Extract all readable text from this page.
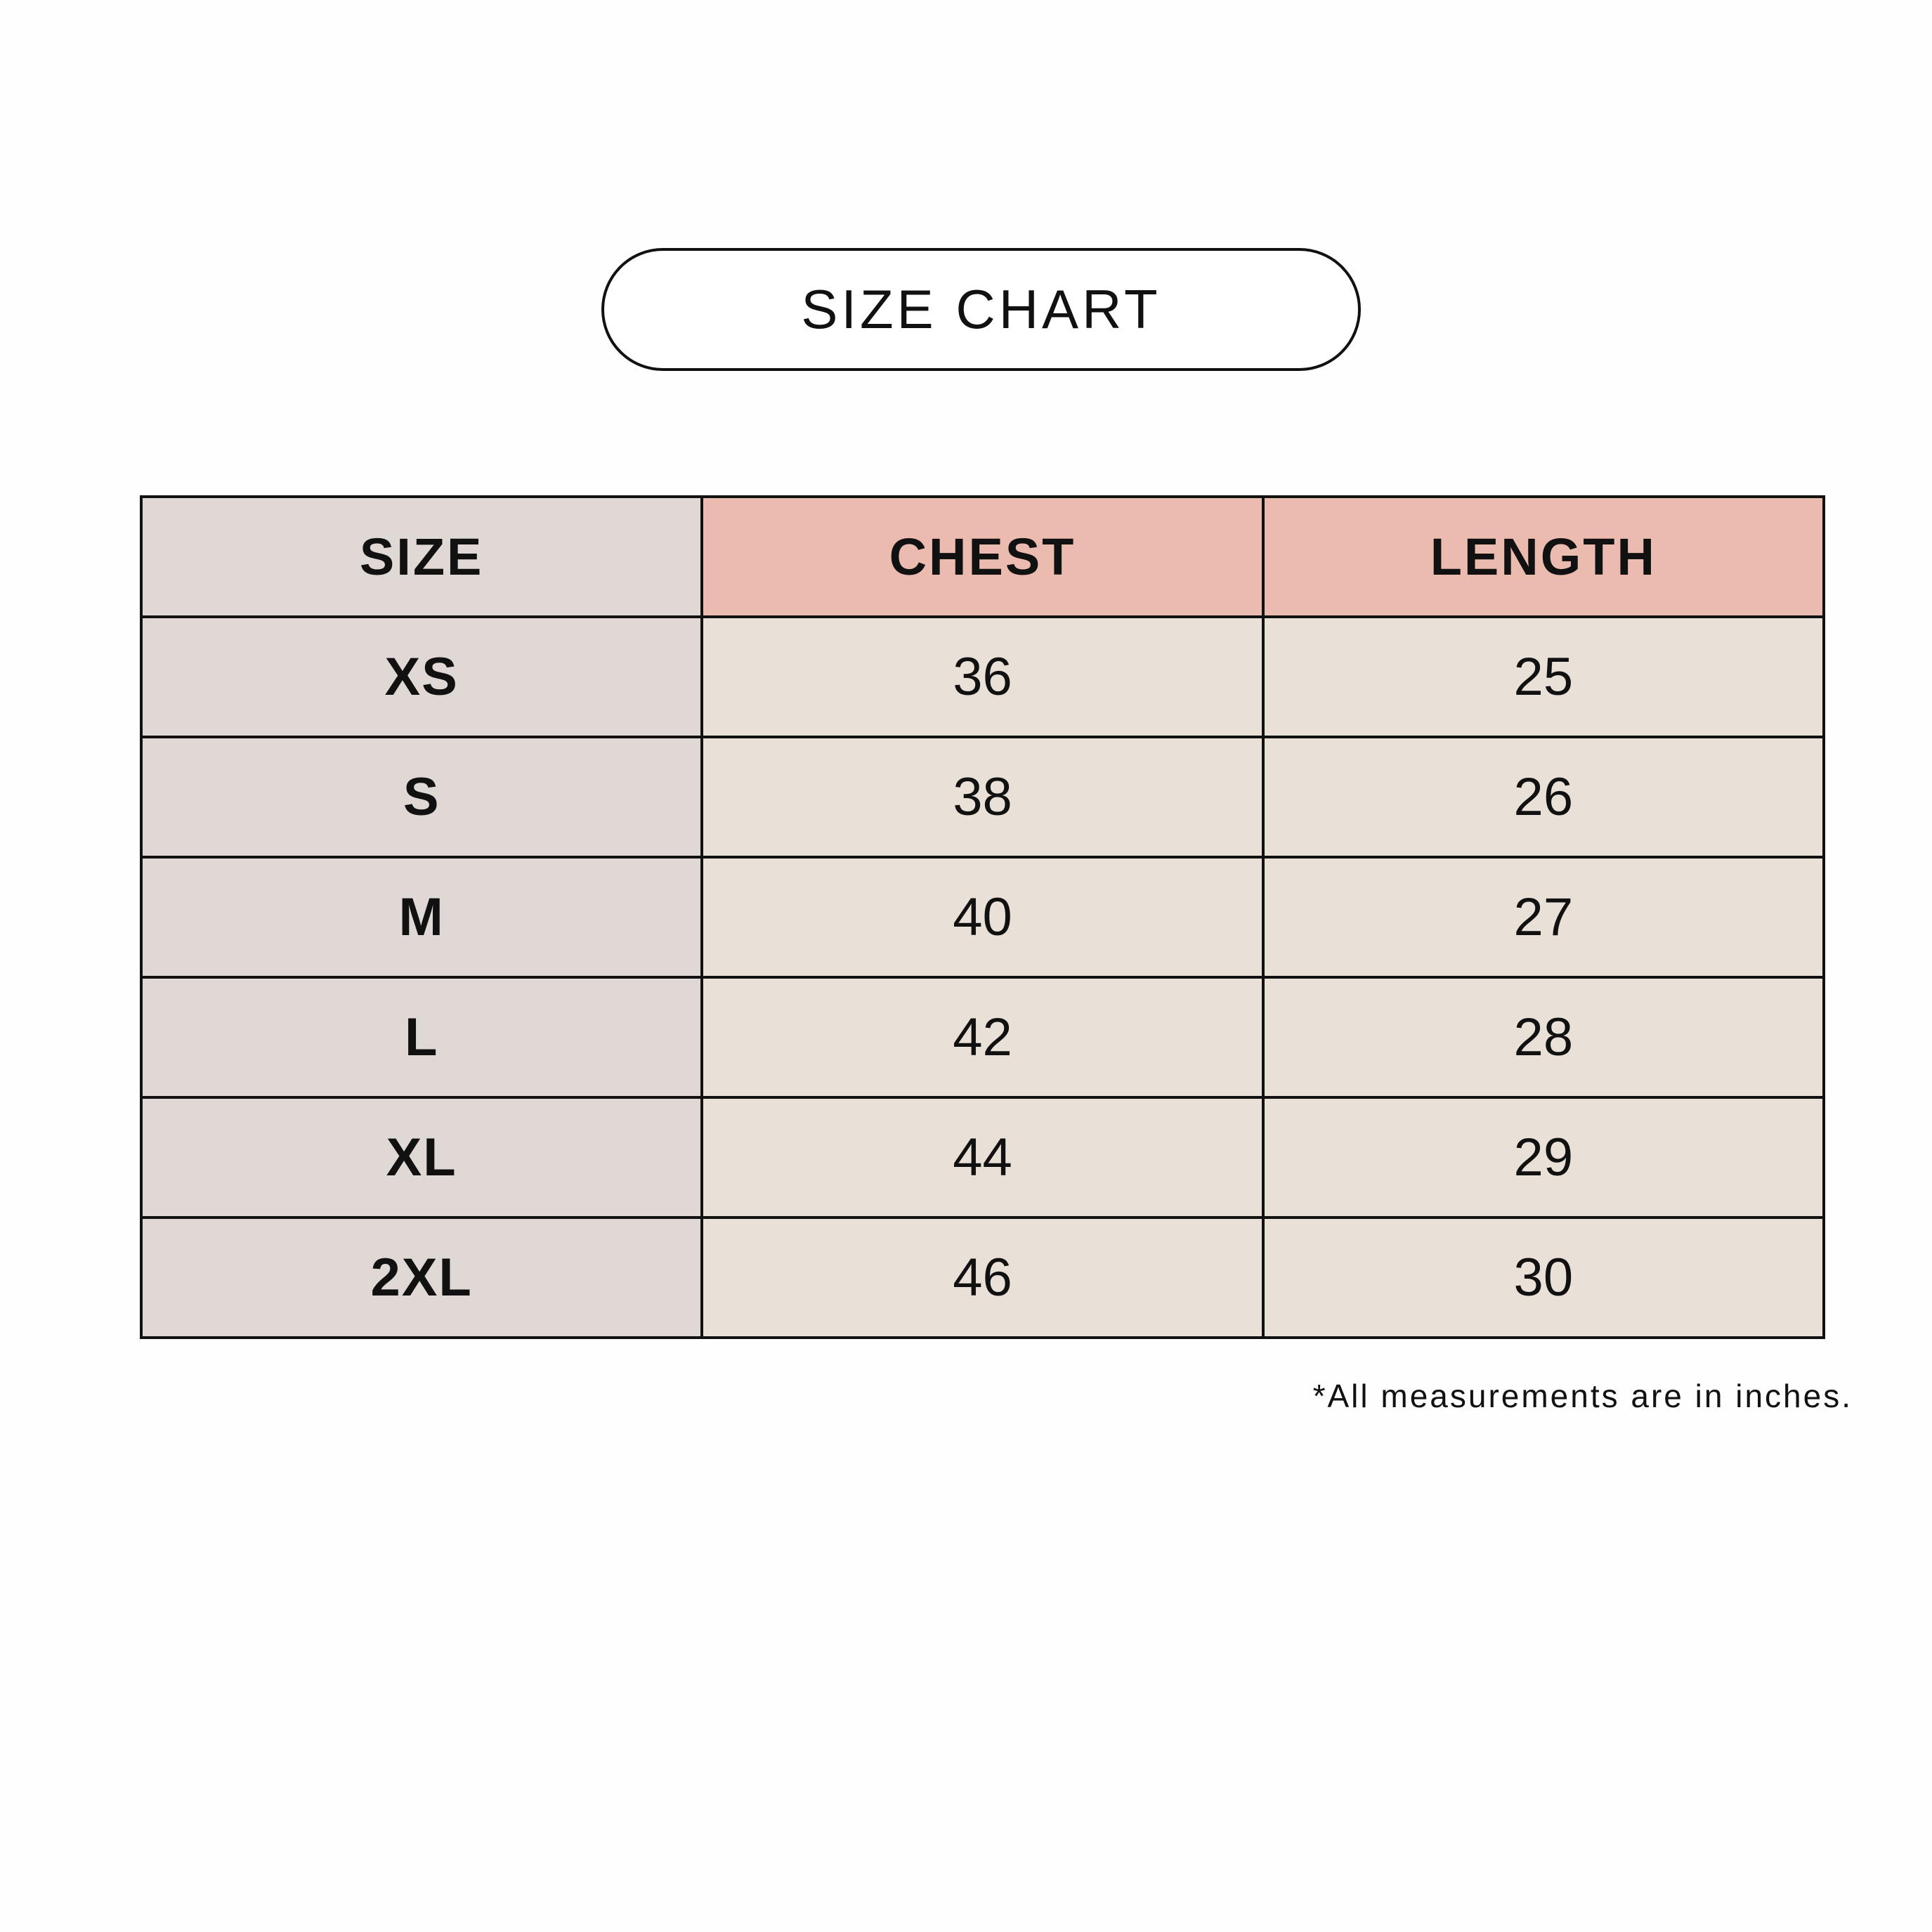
SIZE CHART
SIZE	CHEST	LENGTH
XS	36	25
S	38	26
M	40	27
L	42	28
XL	44	29
2XL	46	30
*All measurements are in inches.
